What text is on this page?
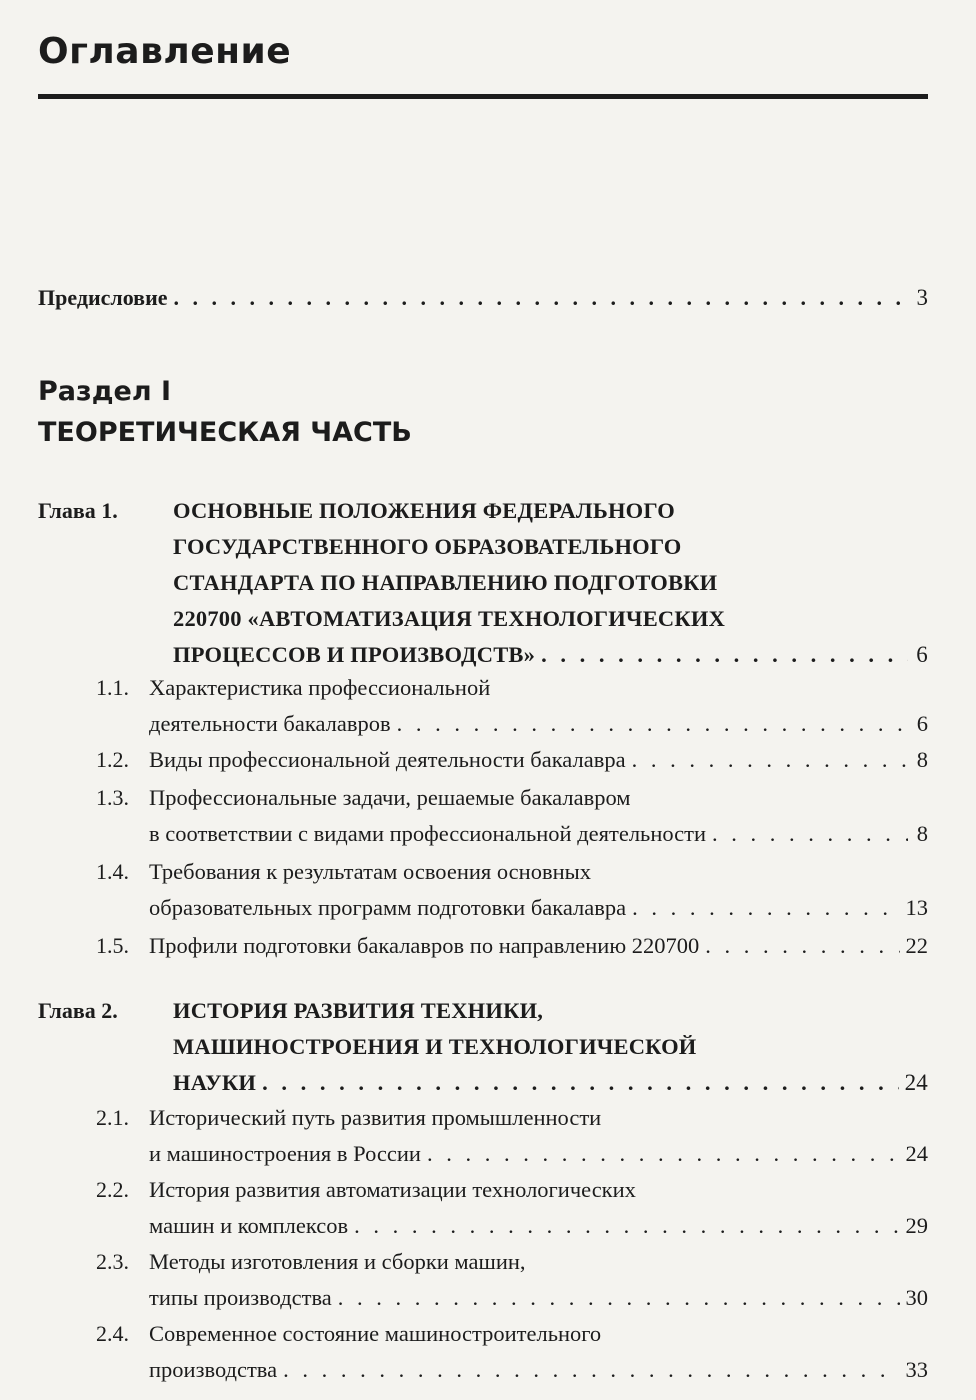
Оглавление
Предисловие . . .	3
Раздел I
ТЕОРЕТИЧЕСКАЯ ЧАСТЬ
Глава 1. ОСНОВНЫЕ ПОЛОЖЕНИЯ ФЕДЕРАЛЬНОГО
ГОСУДАРСТВЕННОГО ОБРАЗОВАТЕЛЬНОГО
СТАНДАРТА ПО НАПРАВЛЕНИЮ ПОДГОТОВКИ
220700 «АВТОМАТИЗАЦИЯ ТЕХНОЛОГИЧЕСКИХ
ПРОЦЕССОВ И ПРОИЗВОДСТВ» . . .	6
1.1. Характеристика профессиональной
деятельности бакалавров . . .	6
1.2. Виды профессиональной деятельности бакалавра . . .	8
1.3. Профессиональные задачи, решаемые бакалавром
в соответствии с видами профессиональной деятельности . . .	8
1.4. Требования к результатам освоения основных
образовательных программ подготовки бакалавра . . .	13
1.5. Профили подготовки бакалавров по направлению 220700 . . .	22
Глава 2. ИСТОРИЯ РАЗВИТИЯ ТЕХНИКИ,
МАШИНОСТРОЕНИЯ И ТЕХНОЛОГИЧЕСКОЙ
НАУКИ . . .	24
2.1. Исторический путь развития промышленности
и машиностроения в России . . .	24
2.2. История развития автоматизации технологических
машин и комплексов . . .	29
2.3. Методы изготовления и сборки машин,
типы производства . . .	30
2.4. Современное состояние машиностроительного
производства . . .	33
